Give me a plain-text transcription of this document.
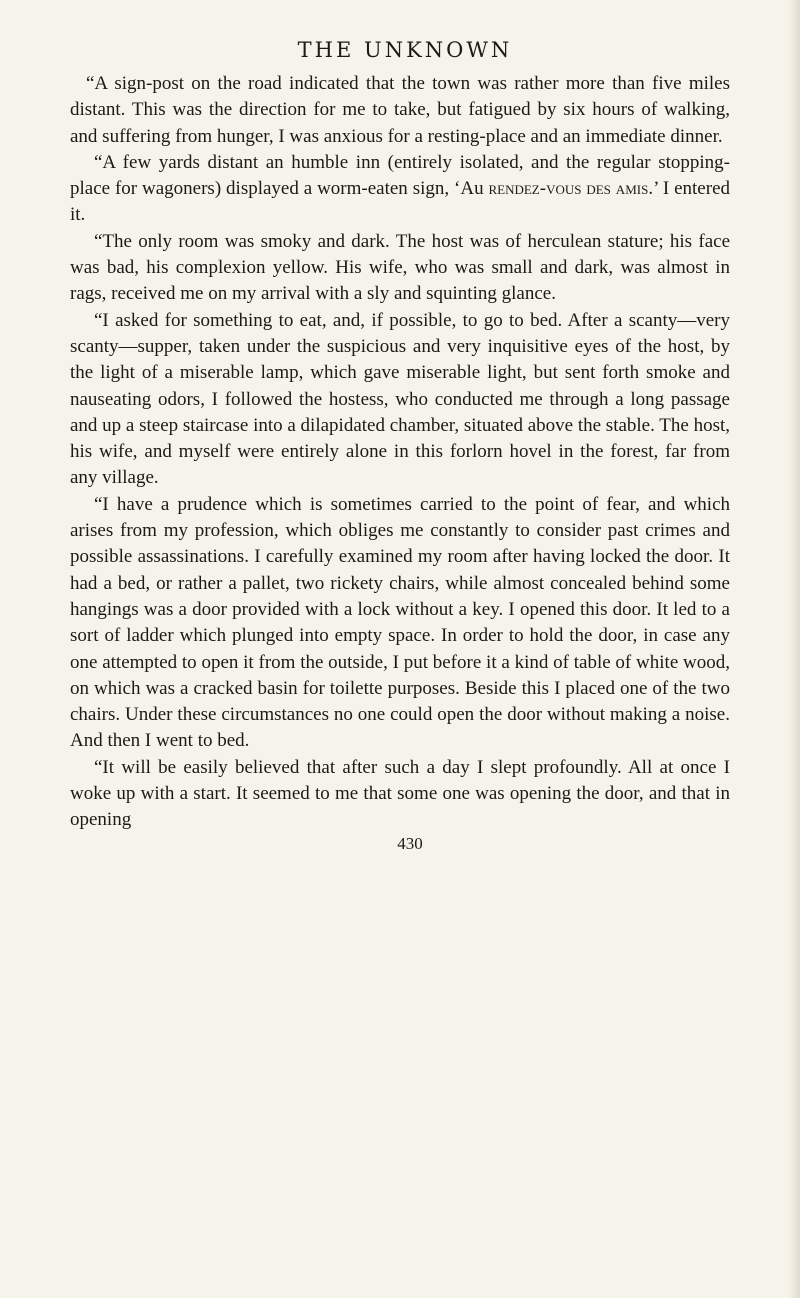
THE UNKNOWN

“A sign-post on the road indicated that the town was rather more than five miles distant. This was the direction for me to take, but fatigued by six hours of walking, and suffering from hunger, I was anxious for a resting-place and an immediate dinner.

“A few yards distant an humble inn (entirely isolated, and the regular stopping-place for wagoners) displayed a worm-eaten sign, ‘Au rendez-vous des amis.’ I entered it.

“The only room was smoky and dark. The host was of herculean stature; his face was bad, his complexion yellow. His wife, who was small and dark, was almost in rags, received me on my arrival with a sly and squinting glance.

“I asked for something to eat, and, if possible, to go to bed. After a scanty—very scanty—supper, taken under the suspicious and very inquisitive eyes of the host, by the light of a miserable lamp, which gave miserable light, but sent forth smoke and nauseating odors, I followed the hostess, who conducted me through a long passage and up a steep staircase into a dilapidated chamber, situated above the stable. The host, his wife, and myself were entirely alone in this forlorn hovel in the forest, far from any village.

“I have a prudence which is sometimes carried to the point of fear, and which arises from my profession, which obliges me constantly to consider past crimes and possible assassinations. I carefully examined my room after having locked the door. It had a bed, or rather a pallet, two rickety chairs, while almost concealed behind some hangings was a door provided with a lock without a key. I opened this door. It led to a sort of ladder which plunged into empty space. In order to hold the door, in case any one attempted to open it from the outside, I put before it a kind of table of white wood, on which was a cracked basin for toilette purposes. Beside this I placed one of the two chairs. Under these circumstances no one could open the door without making a noise. And then I went to bed.

“It will be easily believed that after such a day I slept profoundly. All at once I woke up with a start. It seemed to me that some one was opening the door, and that in opening

430
